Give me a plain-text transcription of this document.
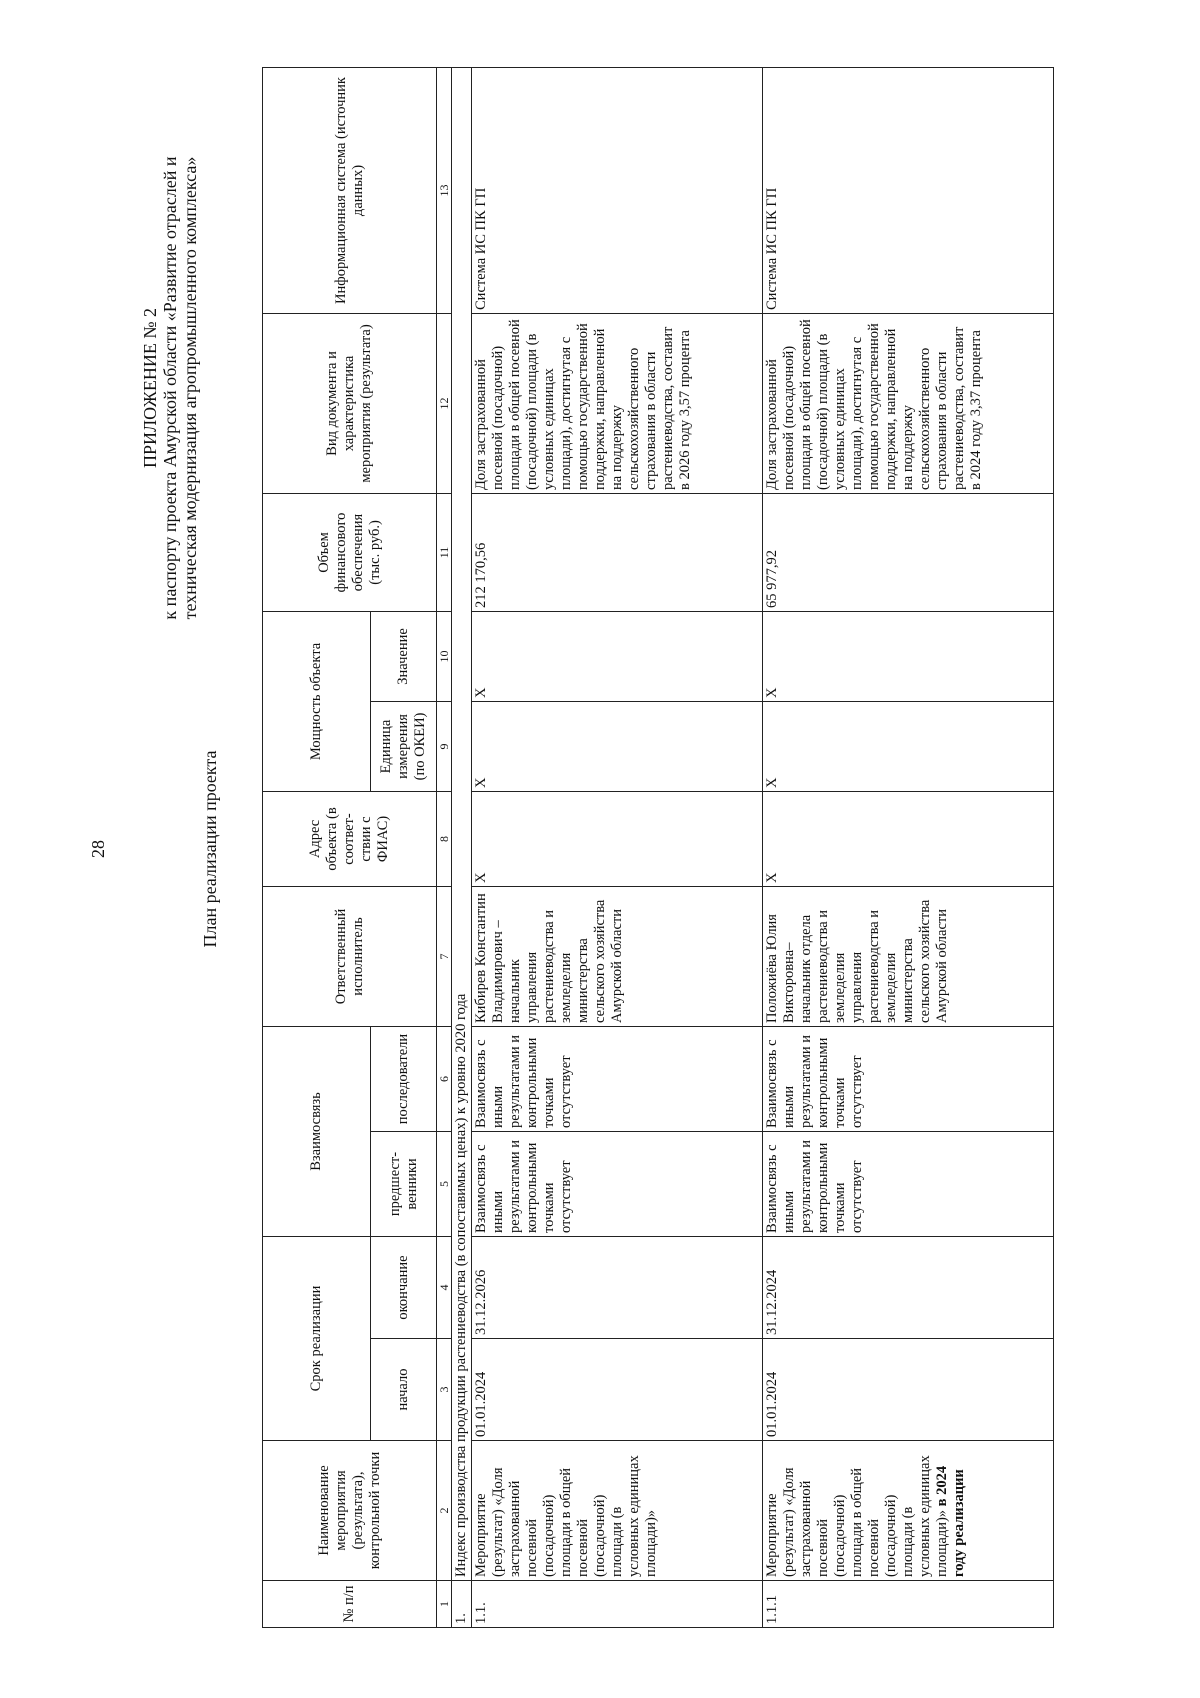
28
ПРИЛОЖЕНИЕ № 2 к паспорту проекта Амурской области «Развитие отраслей и техническая модернизация агропромышленного комплекса»
План реализации проекта
№ п/п	Наименование мероприятия (результата), контрольной точки	Срок реализации		Взаимосвязь		Ответственный исполнитель	Адрес объекта (в соответ- ствии с ФИАС)	Мощность объекта		Объем финансового обеспечения (тыс. руб.)	Вид документа и характеристика мероприятия (результата)	Информационная система (источник данных)
		начало	окончание	предшест- венники	последователи			Единица измерения (по ОКЕИ)	Значение			
1	2	3	4	5	6	7	8	9	10	11	12	13
1.	Индекс производства продукции растениеводства (в сопоставимых ценах) к уровню 2020 года											
1.1.	Мероприятие (результат) «Доля застрахованной посевной (посадочной) площади в общей посевной (посадочной) площади (в условных единицах площади)»	01.01.2024	31.12.2026	Взаимосвязь с иными результатами и контрольными точками отсутствует	Взаимосвязь с иными результатами и контрольными точками отсутствует	Кибирев Константин Владимирович – начальник управления растениеводства и земледелия министерства сельского хозяйства Амурской области	X	X	X	212 170,56	Доля застрахованной посевной (посадочной) площади в общей посевной (посадочной) площади (в условных единицах площади), достигнутая с помощью государственной поддержки, направленной на поддержку сельскохозяйственного страхования в области растениеводства, составит в 2026 году 3,57 процента	Система ИС ПК ГП
1.1.1	Мероприятие (результат) «Доля застрахованной посевной (посадочной) площади в общей посевной (посадочной) площади (в условных единицах площади)» в 2024 году реализации	01.01.2024	31.12.2024	Взаимосвязь с иными результатами и контрольными точками отсутствует	Взаимосвязь с иными результатами и контрольными точками отсутствует	Положиёва Юлия Викторовна– начальник отдела растениеводства и земледелия управления растениеводства и земледелия министерства сельского хозяйства Амурской области	X	X	X	65 977,92	Доля застрахованной посевной (посадочной) площади в общей посевной (посадочной) площади (в условных единицах площади), достигнутая с помощью государственной поддержки, направленной на поддержку сельскохозяйственного страхования в области растениеводства, составит в 2024 году 3,37 процента	Система ИС ПК ГП
